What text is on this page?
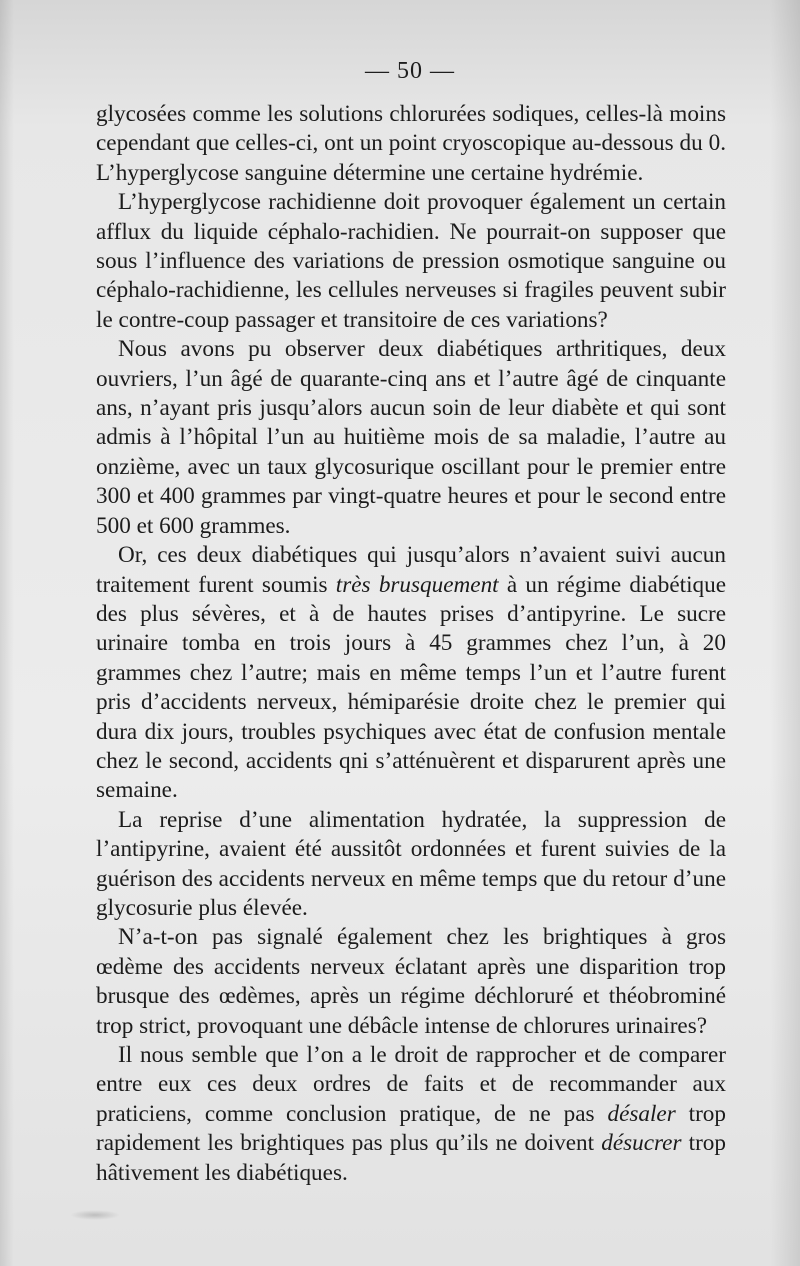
— 50 —

glycosées comme les solutions chlorurées sodiques, celles-là moins cependant que celles-ci, ont un point cryoscopique au-dessous du 0. L’hyperglycose sanguine détermine une certaine hydrémie.

L’hyperglycose rachidienne doit provoquer également un certain afflux du liquide céphalo-rachidien. Ne pourrait-on supposer que sous l’influence des variations de pression osmotique sanguine ou céphalo-rachidienne, les cellules nerveuses si fragiles peuvent subir le contre-coup passager et transitoire de ces variations?

Nous avons pu observer deux diabétiques arthritiques, deux ouvriers, l’un âgé de quarante-cinq ans et l’autre âgé de cinquante ans, n’ayant pris jusqu’alors aucun soin de leur diabète et qui sont admis à l’hôpital l’un au huitième mois de sa maladie, l’autre au onzième, avec un taux glycosurique oscillant pour le premier entre 300 et 400 grammes par vingt-quatre heures et pour le second entre 500 et 600 grammes.

Or, ces deux diabétiques qui jusqu’alors n’avaient suivi aucun traitement furent soumis très brusquement à un régime diabétique des plus sévères, et à de hautes prises d’antipyrine. Le sucre urinaire tomba en trois jours à 45 grammes chez l’un, à 20 grammes chez l’autre; mais en même temps l’un et l’autre furent pris d’accidents nerveux, hémiparésie droite chez le premier qui dura dix jours, troubles psychiques avec état de confusion mentale chez le second, accidents qni s’atténuèrent et disparurent après une semaine.

La reprise d’une alimentation hydratée, la suppression de l’antipyrine, avaient été aussitôt ordonnées et furent suivies de la guérison des accidents nerveux en même temps que du retour d’une glycosurie plus élevée.

N’a-t-on pas signalé également chez les brightiques à gros œdème des accidents nerveux éclatant après une disparition trop brusque des œdèmes, après un régime déchloruré et théobrominé trop strict, provoquant une débâcle intense de chlorures urinaires?

Il nous semble que l’on a le droit de rapprocher et de comparer entre eux ces deux ordres de faits et de recommander aux praticiens, comme conclusion pratique, de ne pas désaler trop rapidement les brightiques pas plus qu’ils ne doivent désucrer trop hâtivement les diabétiques.
